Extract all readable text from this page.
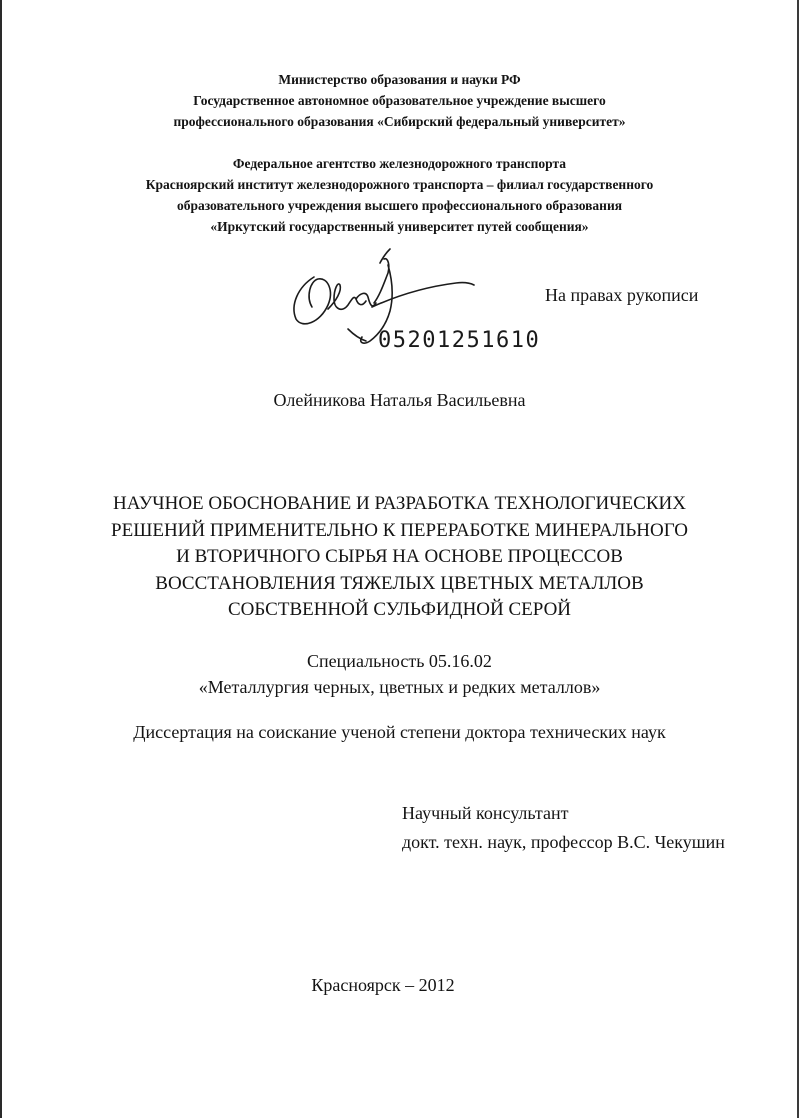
Министерство образования и науки РФ
Государственное автономное образовательное учреждение высшего
профессионального образования «Сибирский федеральный университет»
Федеральное агентство железнодорожного транспорта
Красноярский институт железнодорожного транспорта – филиал государственного
образовательного учреждения высшего профессионального образования
«Иркутский государственный университет путей сообщения»
05201251610
На правах рукописи
Олейникова Наталья Васильевна
НАУЧНОЕ ОБОСНОВАНИЕ И РАЗРАБОТКА ТЕХНОЛОГИЧЕСКИХ
РЕШЕНИЙ ПРИМЕНИТЕЛЬНО К ПЕРЕРАБОТКЕ МИНЕРАЛЬНОГО
И ВТОРИЧНОГО СЫРЬЯ НА ОСНОВЕ ПРОЦЕССОВ
ВОССТАНОВЛЕНИЯ ТЯЖЕЛЫХ ЦВЕТНЫХ МЕТАЛЛОВ
СОБСТВЕННОЙ СУЛЬФИДНОЙ СЕРОЙ
Специальность 05.16.02
«Металлургия черных, цветных и редких металлов»
Диссертация на соискание ученой степени доктора технических наук
Научный консультант
докт. техн. наук, профессор В.С. Чекушин
Красноярск – 2012
